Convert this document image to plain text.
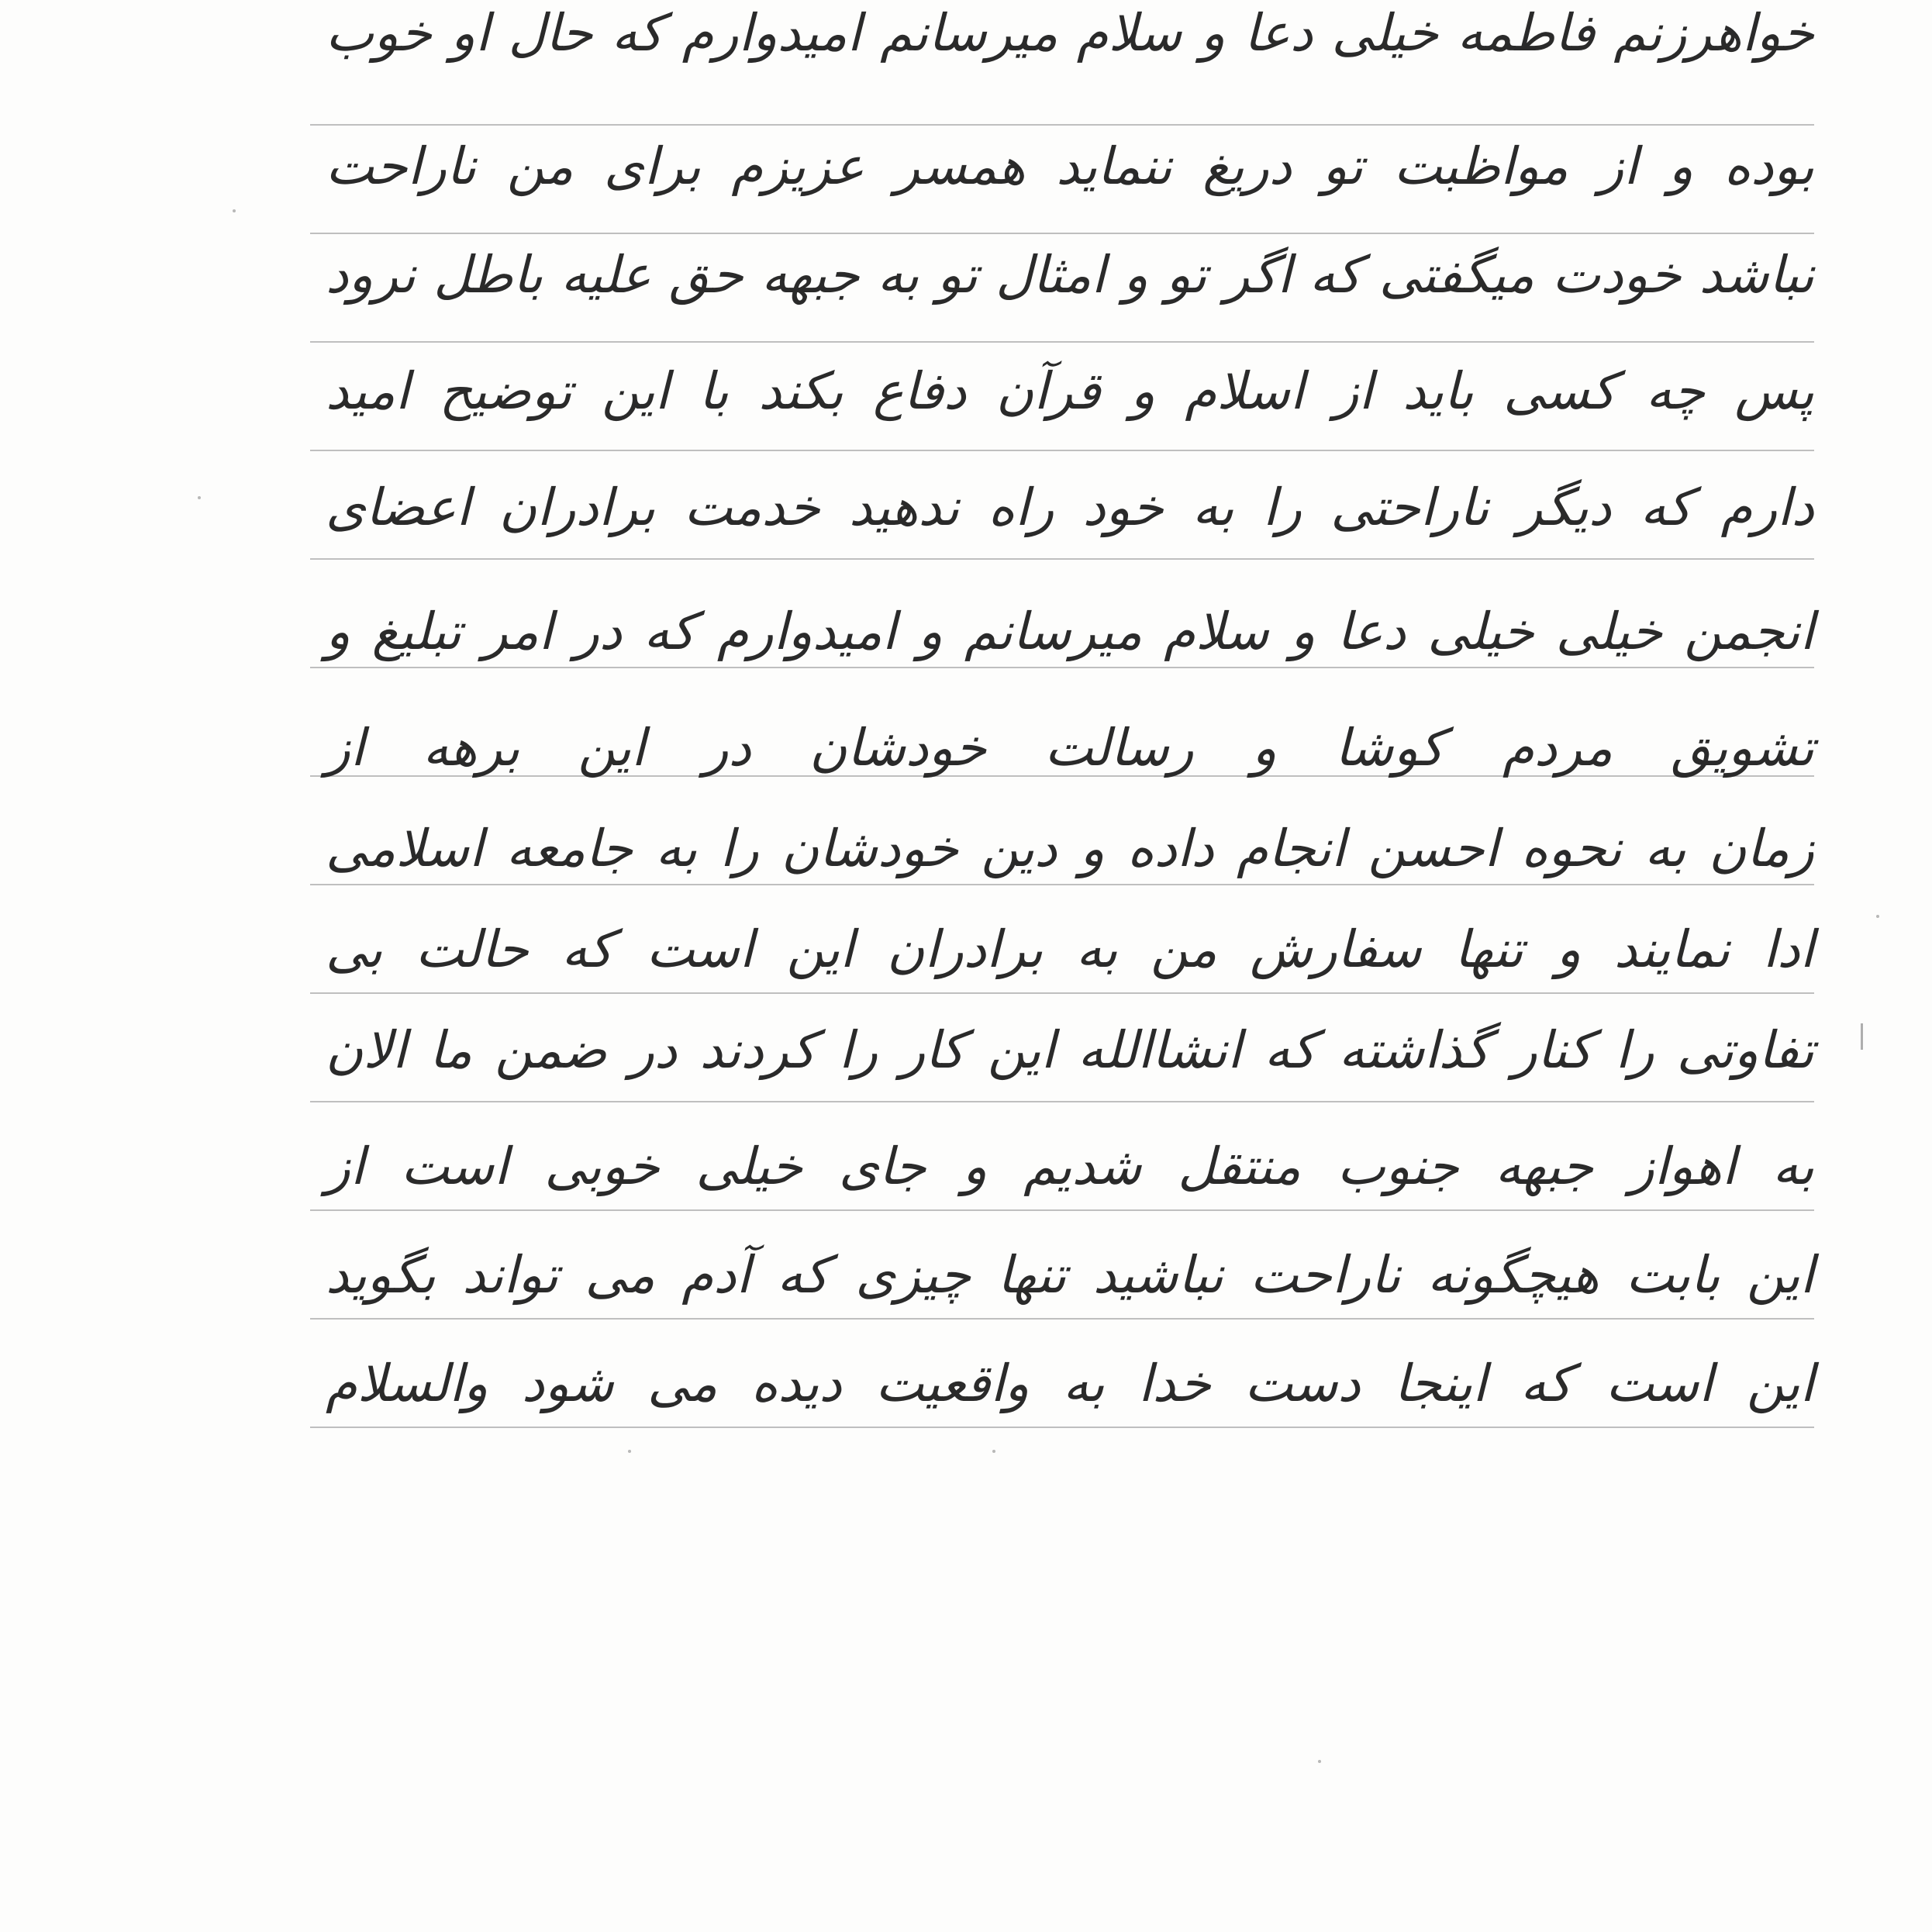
خواهرزنم فاطمه خیلی دعا و سلام میرسانم امیدوارم که حال او خوب
بوده و از مواظبت تو دریغ ننماید همسر عزیزم برای من ناراحت
نباشد خودت میگفتی که اگر تو و امثال تو به جبهه حق علیه باطل نرود
پس چه کسی باید از اسلام و قرآن دفاع بکند با این توضیح امید
دارم که دیگر ناراحتی را به خود راه ندهید خدمت برادران اعضای
انجمن خیلی خیلی دعا و سلام میرسانم و امیدوارم که در امر تبلیغ و
تشویق مردم کوشا و رسالت خودشان در این برهه از
زمان به نحوه احسن انجام داده و دین خودشان را به جامعه اسلامی
ادا نمایند و تنها سفارش من به برادران این است که حالت بی
تفاوتی را کنار گذاشته که انشاالله این کار را کردند در ضمن ما الان
به اهواز جبهه جنوب منتقل شدیم و جای خیلی خوبی است از
این بابت هیچگونه ناراحت نباشید تنها چیزی که آدم می تواند بگوید
این است که اینجا دست خدا به واقعیت دیده می شود والسلام
